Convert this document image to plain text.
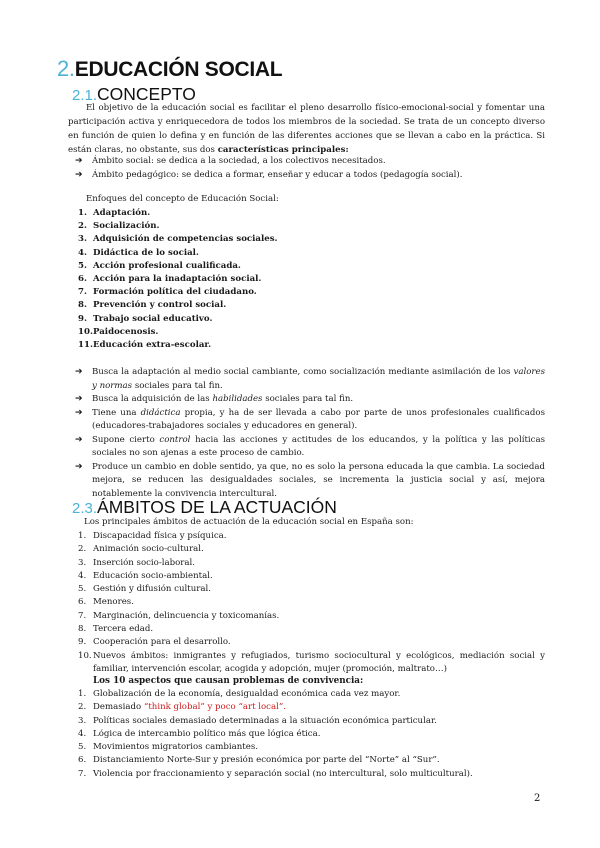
2.EDUCACIÓN SOCIAL
2.1.CONCEPTO

El objetivo de la educación social es facilitar el pleno desarrollo físico-emocional-social y fomentar una participación activa y enriquecedora de todos los miembros de la sociedad. Se trata de un concepto diverso en función de quien lo defina y en función de las diferentes acciones que se llevan a cabo en la práctica. Si están claras, no obstante, sus dos características principales:

➔ Ámbito social: se dedica a la sociedad, a los colectivos necesitados.
➔ Ámbito pedagógico: se dedica a formar, enseñar y educar a todos (pedagogía social).

Enfoques del concepto de Educación Social:

1. Adaptación.
2. Socialización.
3. Adquisición de competencias sociales.
4. Didáctica de lo social.
5. Acción profesional cualificada.
6. Acción para la inadaptación social.
7. Formación política del ciudadano.
8. Prevención y control social.
9. Trabajo social educativo.
10. Paidocenosis.
11. Educación extra-escolar.
➔ Busca la adaptación al medio social cambiante, como socialización mediante asimilación de los valores y normas sociales para tal fin.
➔ Busca la adquisición de las habilidades sociales para tal fin.
➔ Tiene una didáctica propia, y ha de ser llevada a cabo por parte de unos profesionales cualificados (educadores-trabajadores sociales y educadores en general).
➔ Supone cierto control hacia las acciones y actitudes de los educandos, y la política y las políticas sociales no son ajenas a este proceso de cambio.
➔ Produce un cambio en doble sentido, ya que, no es solo la persona educada la que cambia. La sociedad mejora, se reducen las desigualdades sociales, se incrementa la justicia social y así, mejora notablemente la convivencia intercultural.
2.3.ÁMBITOS DE LA ACTUACIÓN

Los principales ámbitos de actuación de la educación social en España son:

1. Discapacidad física y psíquica.
2. Animación socio-cultural.
3. Inserción socio-laboral.
4. Educación socio-ambiental.
5. Gestión y difusión cultural.
6. Menores.
7. Marginación, delincuencia y toxicomanías.
8. Tercera edad.
9. Cooperación para el desarrollo.
10. Nuevos ámbitos: inmigrantes y refugiados, turismo sociocultural y ecológicos, mediación social y familiar, intervención escolar, acogida y adopción, mujer (promoción, maltrato…)

Los 10 aspectos que causan problemas de convivencia:

1. Globalización de la economía, desigualdad económica cada vez mayor.
2. Demasiado “think global” y poco “art local”.
3. Políticas sociales demasiado determinadas a la situación económica particular.
4. Lógica de intercambio político más que lógica ética.
5. Movimientos migratorios cambiantes.
6. Distanciamiento Norte-Sur y presión económica por parte del “Norte” al “Sur”.
7. Violencia por fraccionamiento y separación social (no intercultural, solo multicultural).
2
